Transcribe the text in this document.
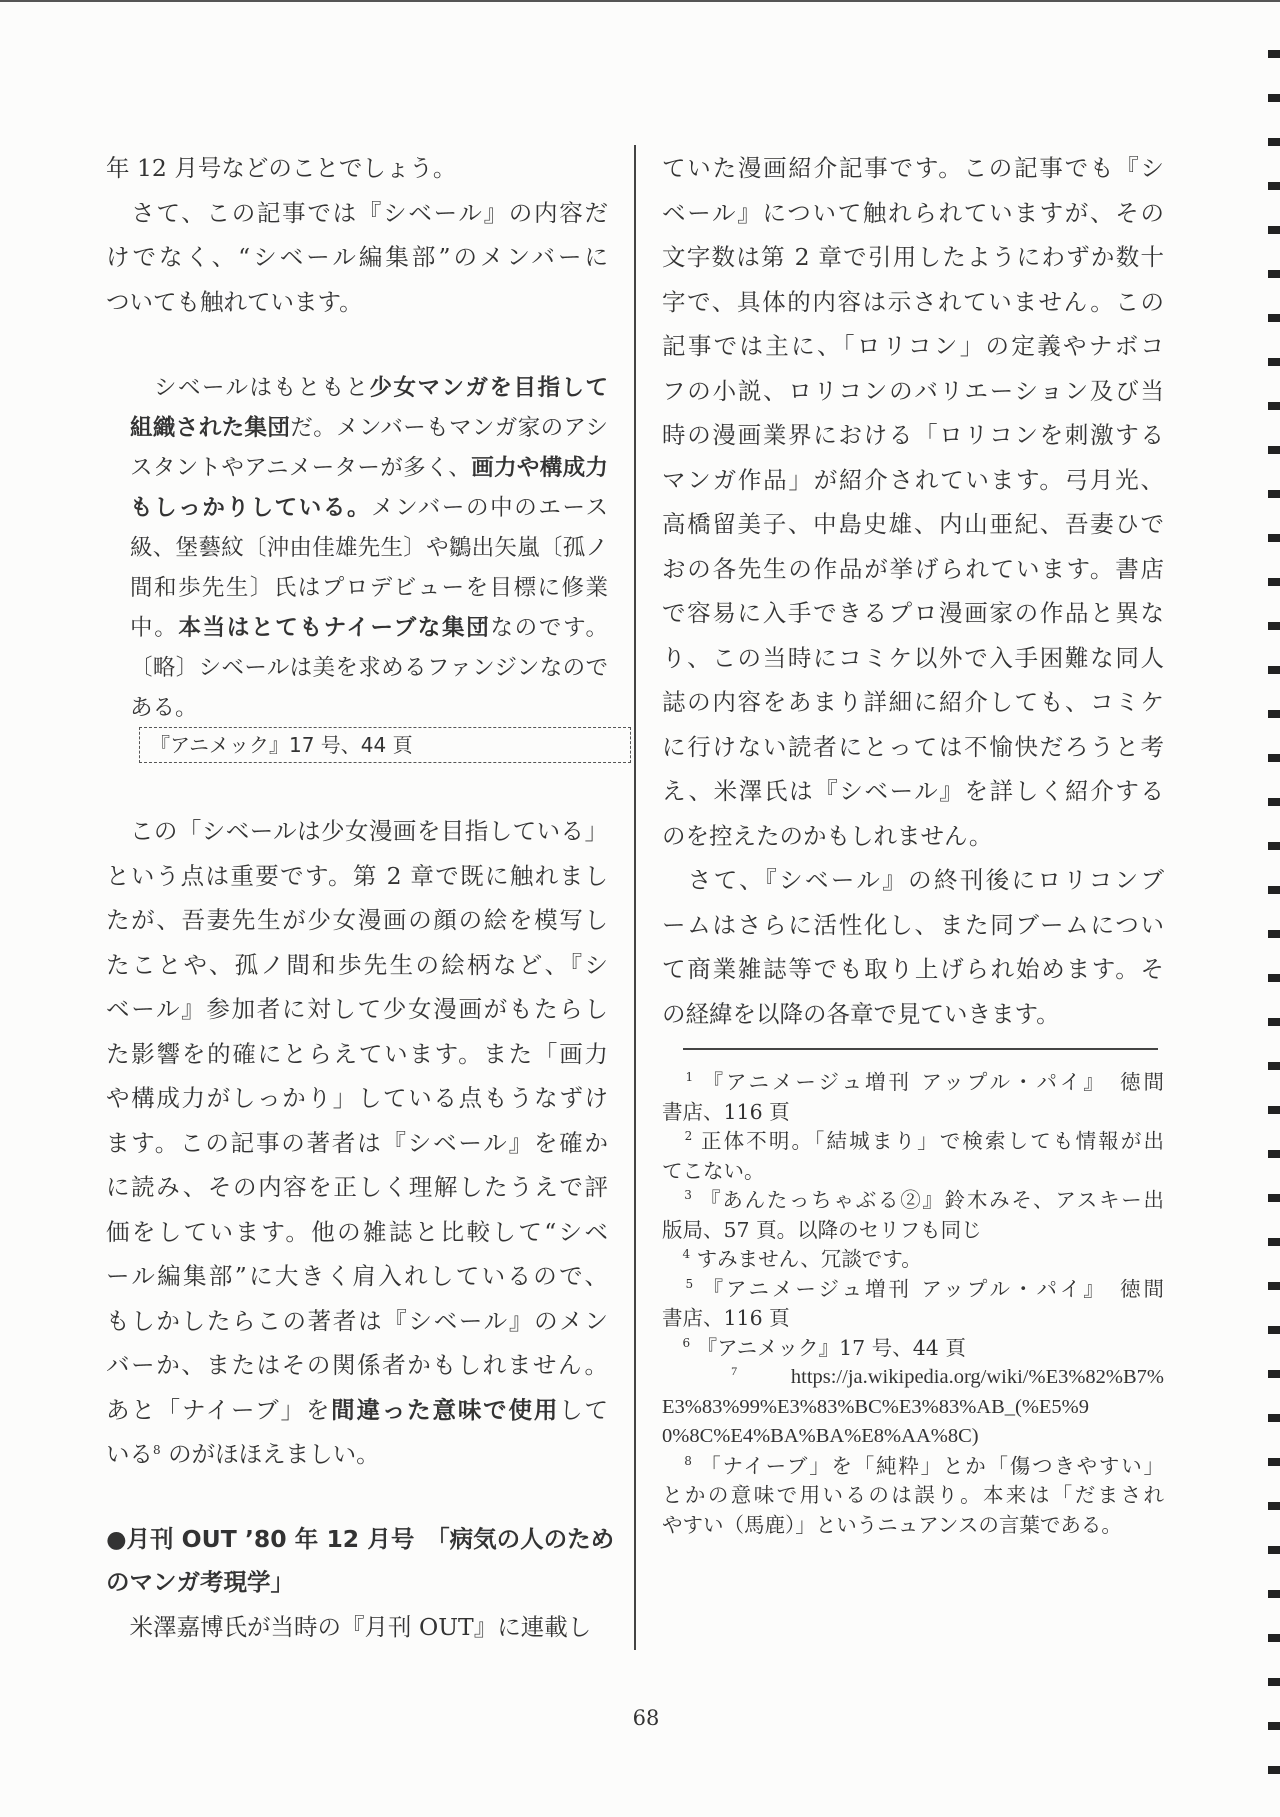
年 12 月号などのことでしょう。
　さて、この記事では『シベール』の内容だ
けでなく、“シベール編集部”のメンバーに
ついても触れています。
　シベールはもともと少女マンガを目指して
組織された集団だ。メンバーもマンガ家のアシ
スタントやアニメーターが多く、画力や構成力
もしっかりしている。メンバーの中のエース
級、堡藝紋〔沖由佳雄先生〕や鶵出矢嵐〔孤ノ
間和歩先生〕氏はプロデビューを目標に修業
中。本当はとてもナイーブな集団なのです。
〔略〕シベールは美を求めるファンジンなので
ある。
『アニメック』17 号、44 頁
　この「シベールは少女漫画を目指している」
という点は重要です。第 2 章で既に触れまし
たが、吾妻先生が少女漫画の顔の絵を模写し
たことや、孤ノ間和歩先生の絵柄など、『シ
ベール』参加者に対して少女漫画がもたらし
た影響を的確にとらえています。また「画力
や構成力がしっかり」している点もうなずけ
ます。この記事の著者は『シベール』を確か
に読み、その内容を正しく理解したうえで評
価をしています。他の雑誌と比較して“シベ
ール編集部”に大きく肩入れしているので、
もしかしたらこの著者は『シベール』のメン
バーか、またはその関係者かもしれません。
あと「ナイーブ」を間違った意味で使用して
いる$^8$ のがほほえましい。
●月刊 OUT ’80 年 12 月号　「病気の人のため
のマンガ考現学」
　米澤嘉博氏が当時の『月刊 OUT』に連載し
ていた漫画紹介記事です。この記事でも『シ
ベール』について触れられていますが、その
文字数は第 2 章で引用したようにわずか数十
字で、具体的内容は示されていません。この
記事では主に、「ロリコン」の定義やナボコ
フの小説、ロリコンのバリエーション及び当
時の漫画業界における「ロリコンを刺激する
マンガ作品」が紹介されています。弓月光、
高橋留美子、中島史雄、内山亜紀、吾妻ひで
おの各先生の作品が挙げられています。書店
で容易に入手できるプロ漫画家の作品と異な
り、この当時にコミケ以外で入手困難な同人
誌の内容をあまり詳細に紹介しても、コミケ
に行けない読者にとっては不愉快だろうと考
え、米澤氏は『シベール』を詳しく紹介する
のを控えたのかもしれません。
　さて、『シベール』の終刊後にロリコンブ
ームはさらに活性化し、また同ブームについ
て商業雑誌等でも取り上げられ始めます。そ
の経緯を以降の各章で見ていきます。
　$^1$ 『アニメージュ増刊 アップル・パイ』　徳間
書店、116 頁
　$^2$ 正体不明。「結城まり」で検索しても情報が出
てこない。
　$^3$ 『あんたっちゃぶる②』鈴木みそ、アスキー出
版局、57 頁。以降のセリフも同じ
　$^4$ すみません、冗談です。
　$^5$ 『アニメージュ増刊 アップル・パイ』　徳間
書店、116 頁
　$^6$ 『アニメック』17 号、44 頁
　$^7$ https://ja.wikipedia.org/wiki/%E3%82%B7%
E3%83%99%E3%83%BC%E3%83%AB_(%E5%9
0%8C%E4%BA%BA%E8%AA%8C)
　$^8$ 「ナイーブ」を「純粋」とか「傷つきやすい」
とかの意味で用いるのは誤り。本来は「だまされ
やすい（馬鹿）」というニュアンスの言葉である。
68
